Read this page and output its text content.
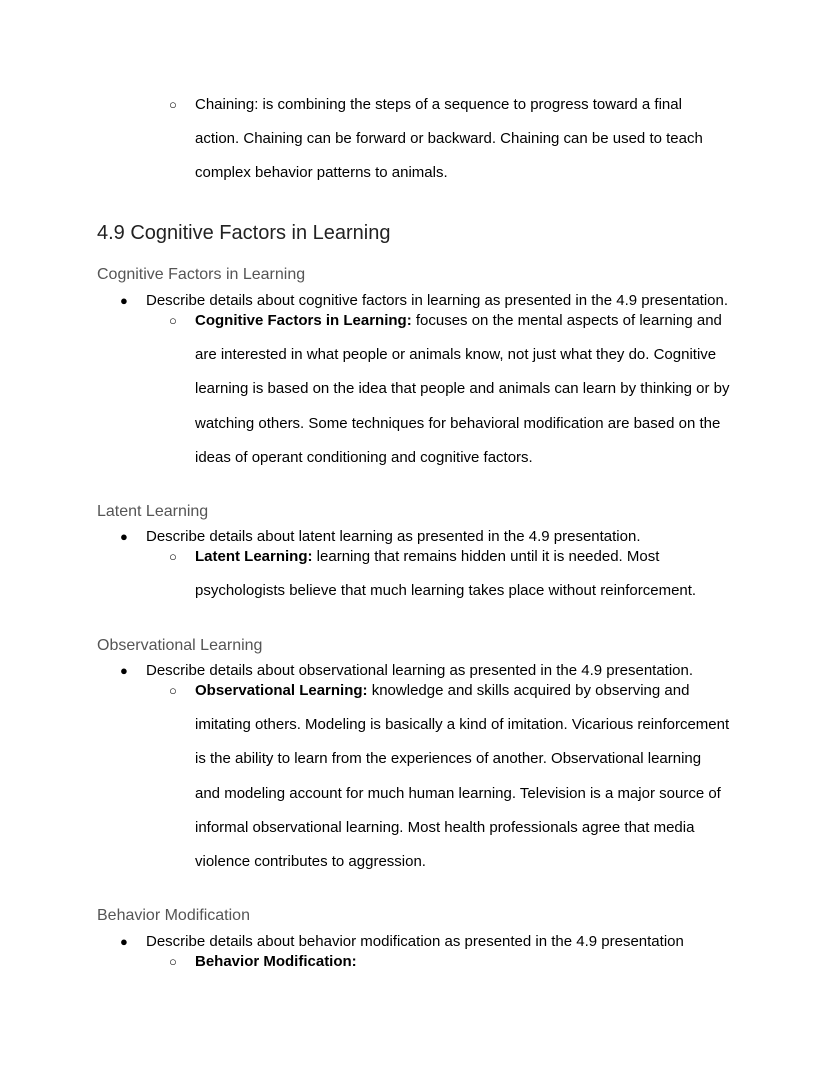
○ Chaining: is combining the steps of a sequence to progress toward a final action. Chaining can be forward or backward. Chaining can be used to teach complex behavior patterns to animals.
4.9 Cognitive Factors in Learning
Cognitive Factors in Learning
● Describe details about cognitive factors in learning as presented in the 4.9 presentation.
○ Cognitive Factors in Learning: focuses on the mental aspects of learning and are interested in what people or animals know, not just what they do. Cognitive learning is based on the idea that people and animals can learn by thinking or by watching others. Some techniques for behavioral modification are based on the ideas of operant conditioning and cognitive factors.
Latent Learning
● Describe details about latent learning as presented in the 4.9 presentation.
○ Latent Learning: learning that remains hidden until it is needed. Most psychologists believe that much learning takes place without reinforcement.
Observational Learning
● Describe details about observational learning as presented in the 4.9 presentation.
○ Observational Learning: knowledge and skills acquired by observing and imitating others. Modeling is basically a kind of imitation. Vicarious reinforcement is the ability to learn from the experiences of another. Observational learning and modeling account for much human learning. Television is a major source of informal observational learning. Most health professionals agree that media violence contributes to aggression.
Behavior Modification
● Describe details about behavior modification as presented in the 4.9 presentation
○ Behavior Modification:
